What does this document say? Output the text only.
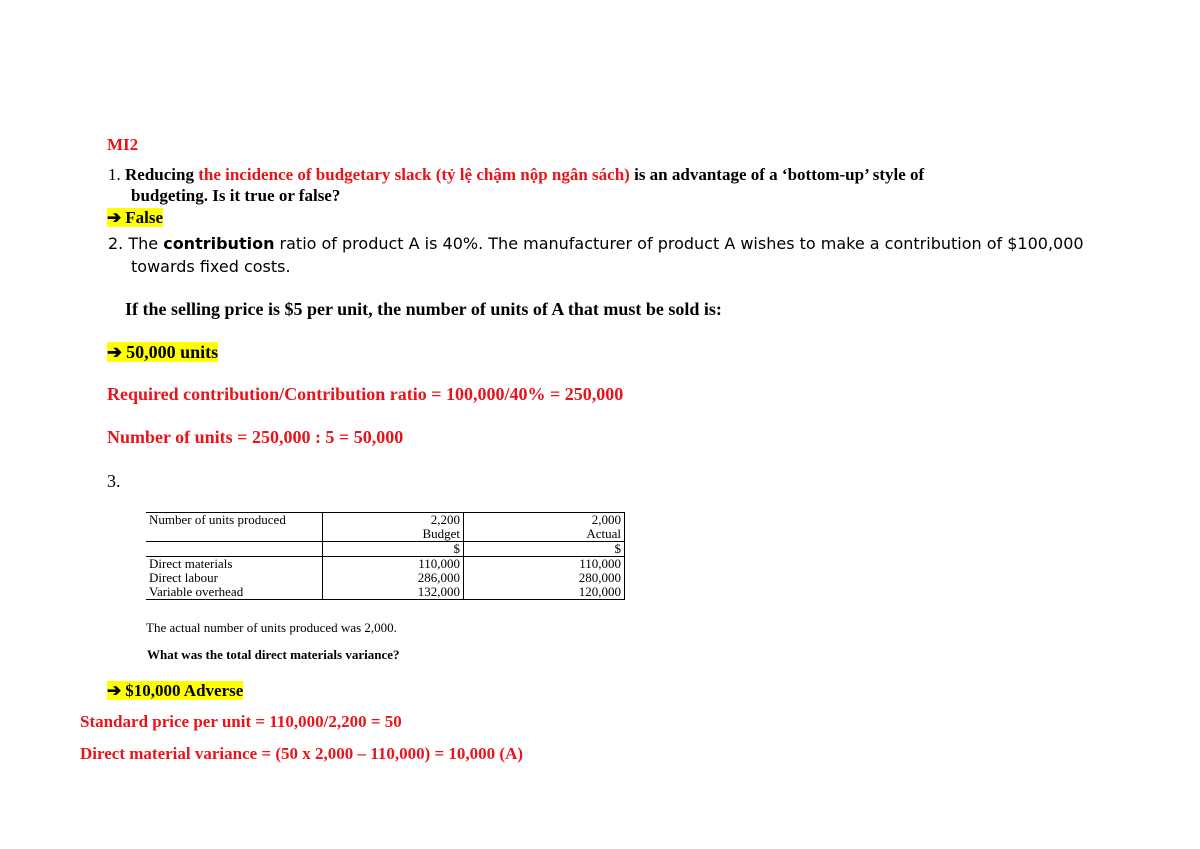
MI2
1. Reducing the incidence of budgetary slack (tỷ lệ chậm nộp ngân sách) is an advantage of a ‘bottom-up’ style of
budgeting. Is it true or false?
➔ False
2. The contribution ratio of product A is 40%. The manufacturer of product A wishes to make a contribution of $100,000
towards fixed costs.
If the selling price is $5 per unit, the number of units of A that must be sold is:
➔ 50,000 units
Required contribution/Contribution ratio = 100,000/40% = 250,000
Number of units = 250,000 : 5 = 50,000
3.
Number of units produced	2,200	2,000
	Budget	Actual
	$	$
Direct materials	110,000	110,000
Direct labour	286,000	280,000
Variable overhead	132,000	120,000
The actual number of units produced was 2,000.
What was the total direct materials variance?
➔ $10,000 Adverse
Standard price per unit = 110,000/2,200 = 50
Direct material variance = (50 x 2,000 – 110,000) = 10,000 (A)
